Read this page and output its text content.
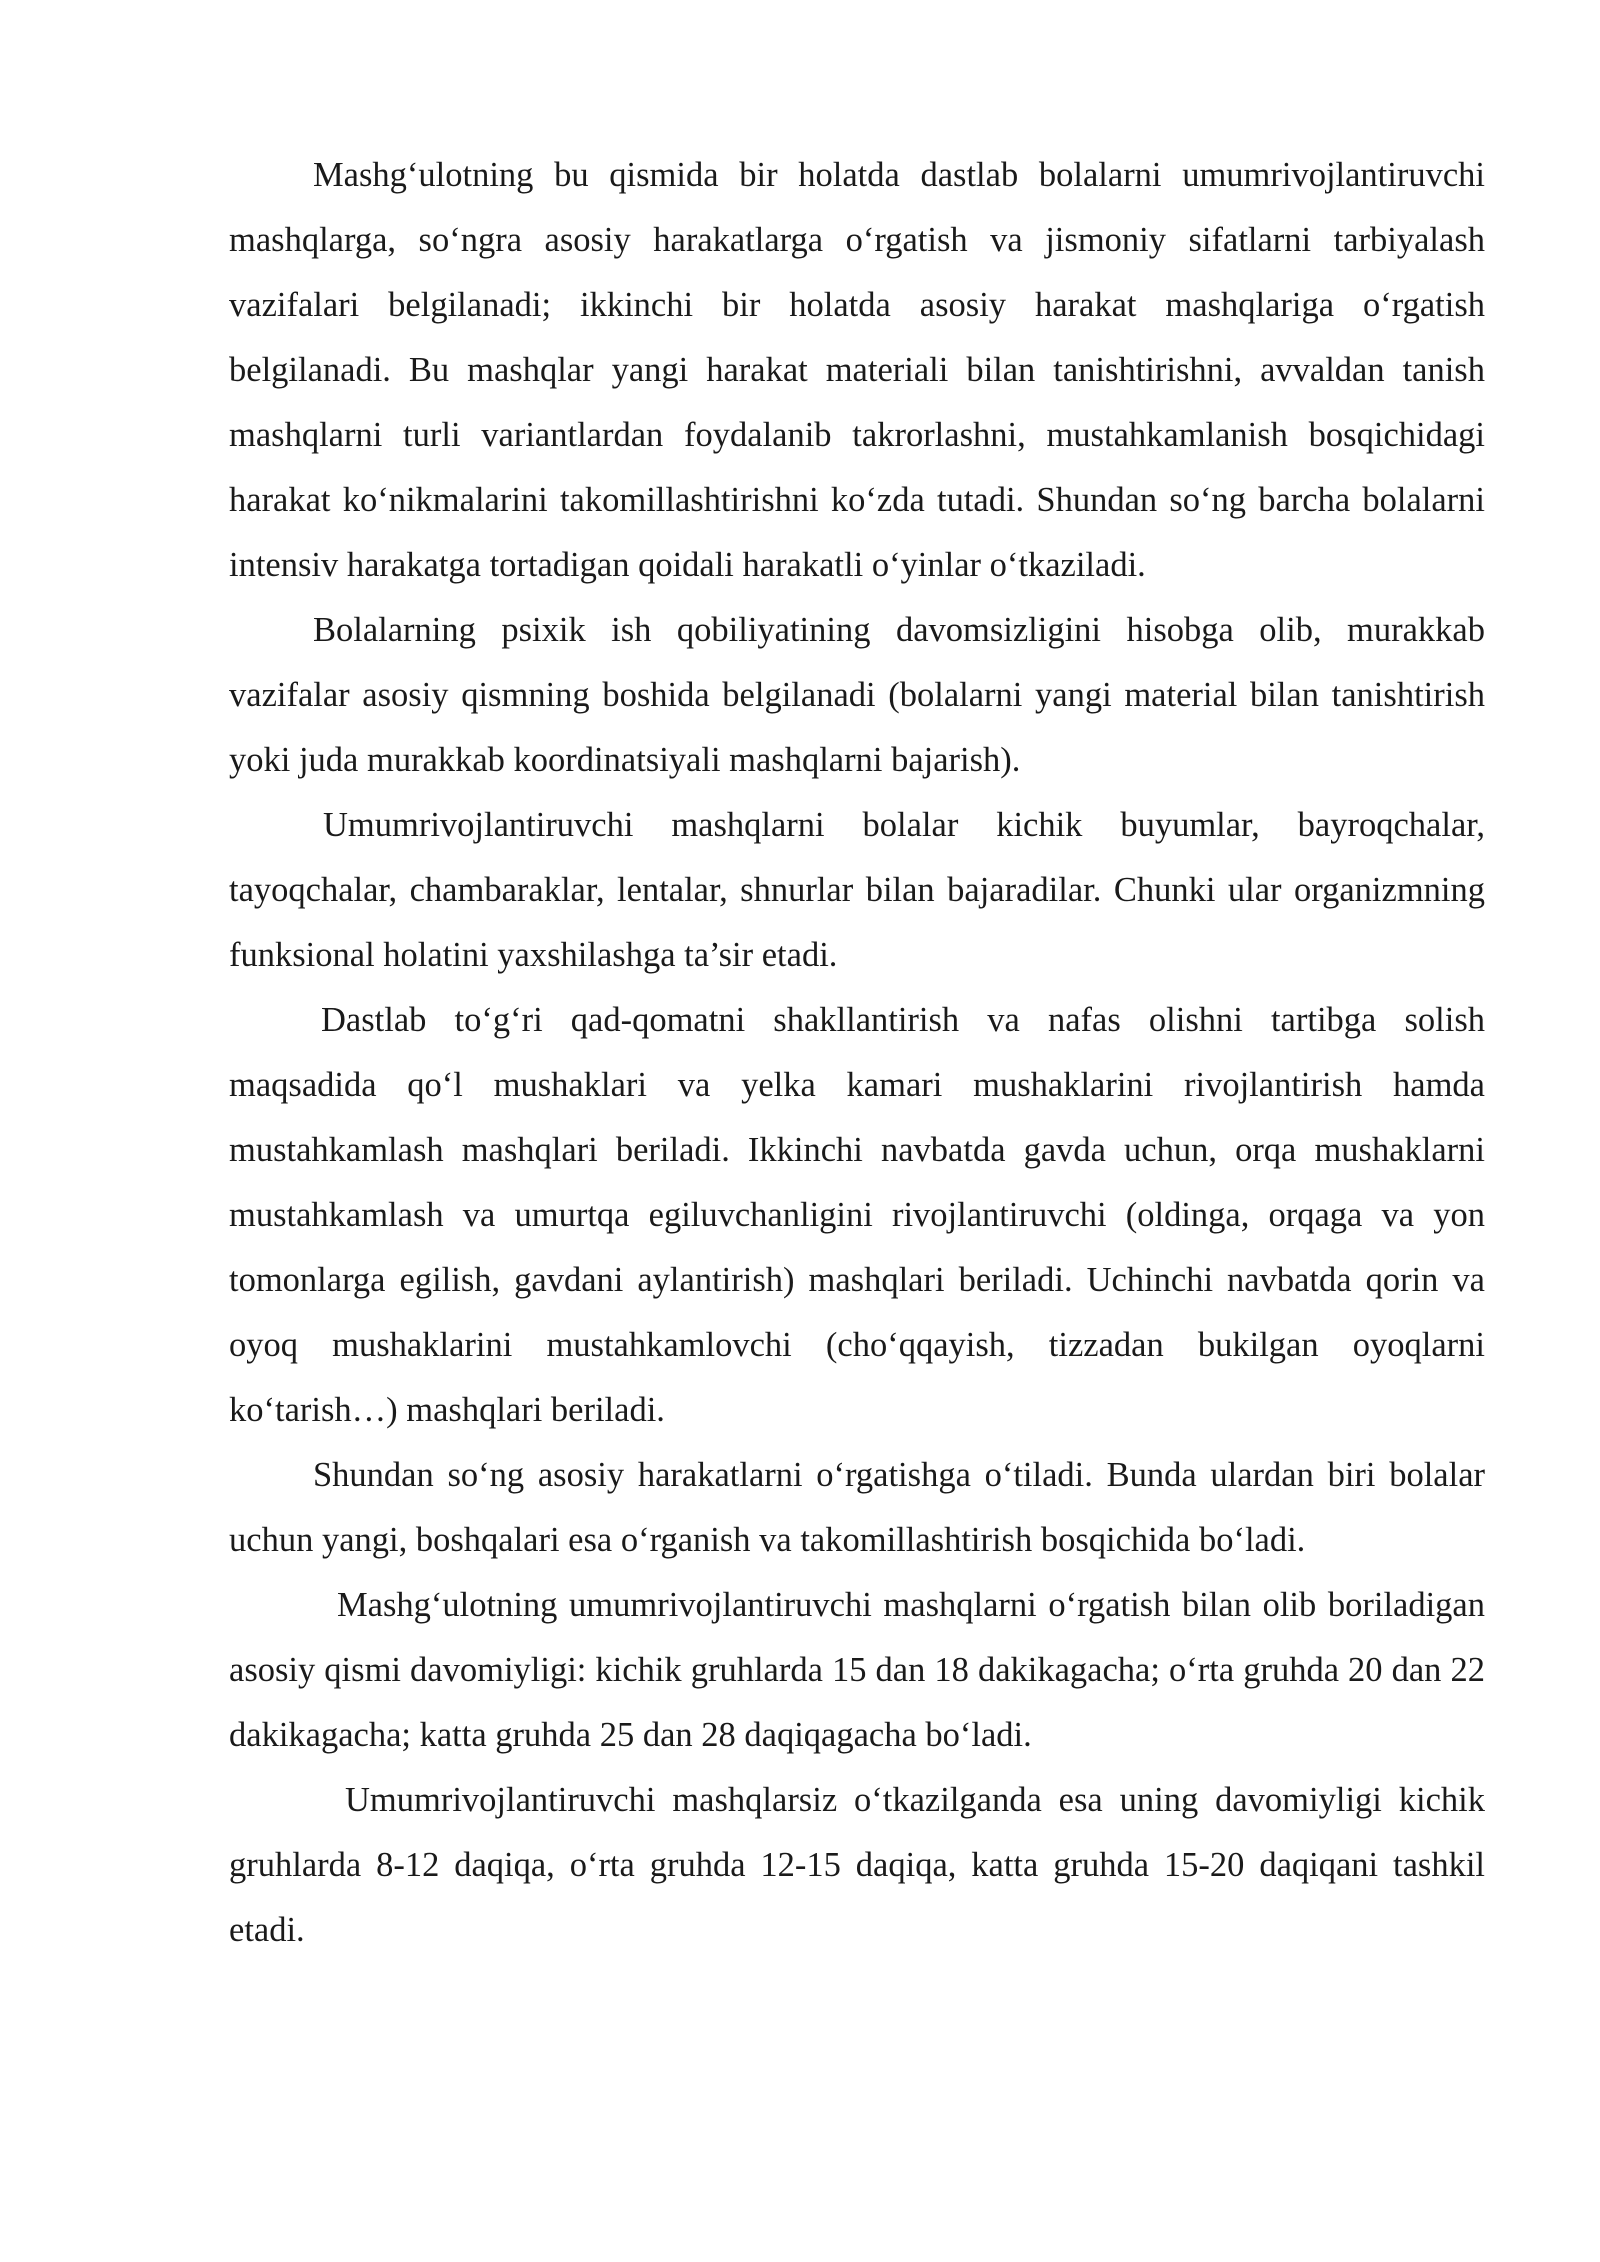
Mashg‘ulotning bu qismida bir holatda dastlab bolalarni umumrivojlantiruvchi mashqlarga, so‘ngra asosiy harakatlarga o‘rgatish va jismoniy sifatlarni tarbiyalash vazifalari belgilanadi; ikkinchi bir holatda asosiy harakat mashqlariga o‘rgatish belgilanadi. Bu mashqlar yangi harakat materiali bilan tanishtirishni, avvaldan tanish mashqlarni turli variantlardan foydalanib takrorlashni, mustahkamlanish bosqichidagi harakat ko‘nikmalarini takomillashtirishni ko‘zda tutadi. Shundan so‘ng barcha bolalarni intensiv harakatga tortadigan qoidali harakatli o‘yinlar o‘tkaziladi.

Bolalarning psixik ish qobiliyatining davomsizligini hisobga olib, murakkab vazifalar asosiy qismning boshida belgilanadi (bolalarni yangi material bilan tanishtirish yoki juda murakkab koordinatsiyali mashqlarni bajarish).

Umumrivojlantiruvchi mashqlarni bolalar kichik buyumlar, bayroqchalar, tayoqchalar, chambaraklar, lentalar, shnurlar bilan bajaradilar. Chunki ular organizmning funksional holatini yaxshilashga ta’sir etadi.

Dastlab to‘g‘ri qad-qomatni shakllantirish va nafas olishni tartibga solish maqsadida qo‘l mushaklari va yelka kamari mushaklarini rivojlantirish hamda mustahkamlash mashqlari beriladi. Ikkinchi navbatda gavda uchun, orqa mushaklarni mustahkamlash va umurtqa egiluvchanligini rivojlantiruvchi (oldinga, orqaga va yon tomonlarga egilish, gavdani aylantirish) mashqlari beriladi. Uchinchi navbatda qorin va oyoq mushaklarini mustahkamlovchi (cho‘qqayish, tizzadan bukilgan oyoqlarni ko‘tarish…) mashqlari beriladi.

Shundan so‘ng asosiy harakatlarni o‘rgatishga o‘tiladi. Bunda ulardan biri bolalar uchun yangi, boshqalari esa o‘rganish va takomillashtirish bosqichida bo‘ladi.

Mashg‘ulotning umumrivojlantiruvchi mashqlarni o‘rgatish bilan olib boriladigan asosiy qismi davomiyligi: kichik gruhlarda 15 dan 18 dakikagacha; o‘rta gruhda 20 dan 22 dakikagacha; katta gruhda 25 dan 28 daqiqagacha bo‘ladi.

Umumrivojlantiruvchi mashqlarsiz o‘tkazilganda esa uning davomiyligi kichik gruhlarda 8-12 daqiqa, o‘rta gruhda 12-15 daqiqa, katta gruhda 15-20 daqiqani tashkil etadi.
